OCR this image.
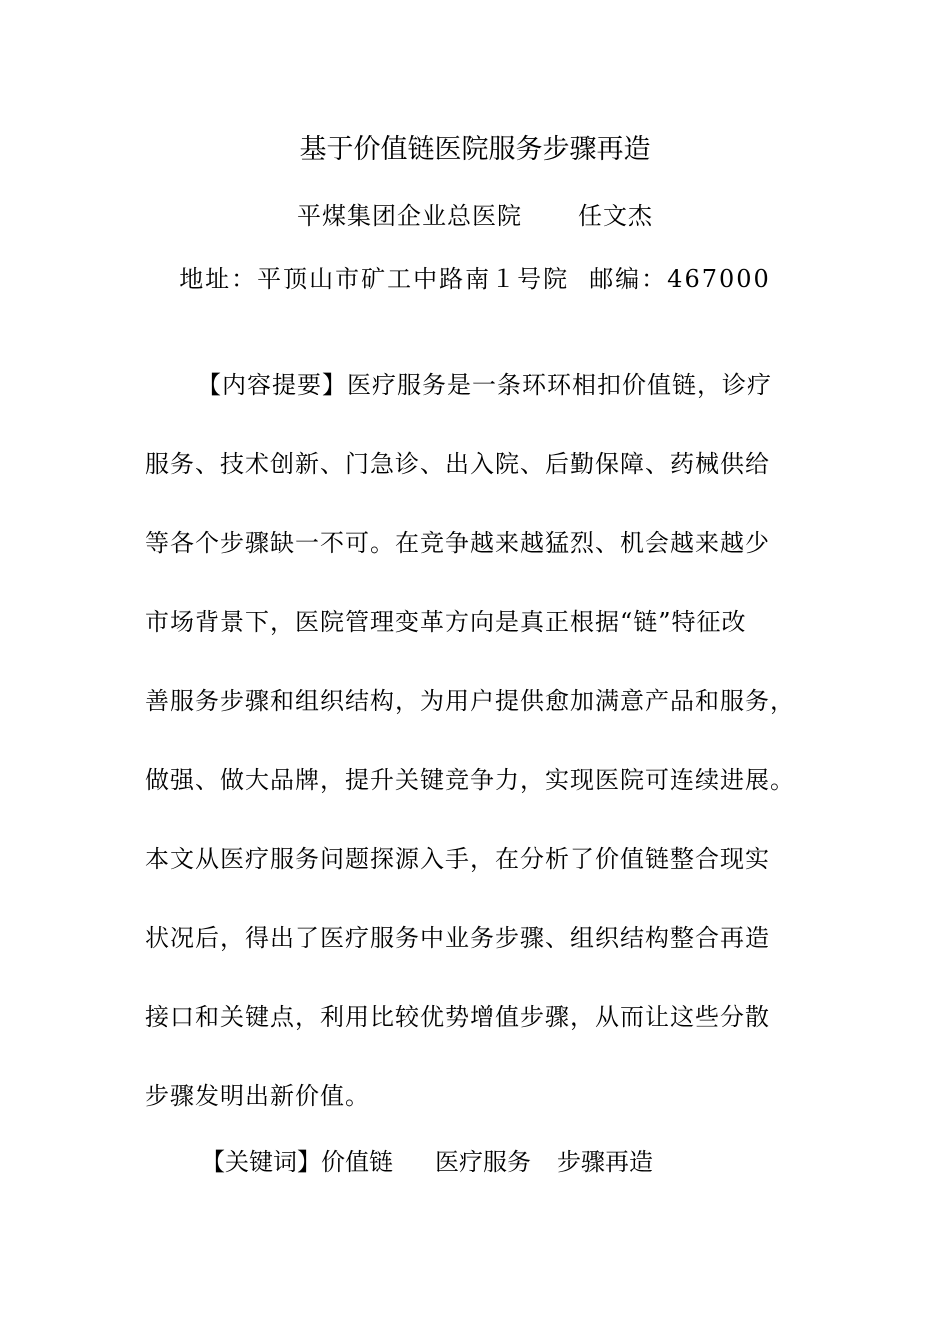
基于价值链医院服务步骤再造
平煤集团企业总医院 任文杰
地址：平顶山市矿工中路南１号院 邮编：467000
【内容提要】医疗服务是一条环环相扣价值链，诊疗
服务、技术创新、门急诊、出入院、后勤保障、药械供给
等各个步骤缺一不可。在竞争越来越猛烈、机会越来越少
市场背景下，医院管理变革方向是真正根据“链”特征改
善服务步骤和组织结构，为用户提供愈加满意产品和服务，
做强、做大品牌，提升关键竞争力，实现医院可连续进展。
本文从医疗服务问题探源入手，在分析了价值链整合现实
状况后，得出了医疗服务中业务步骤、组织结构整合再造
接口和关键点，利用比较优势增值步骤，从而让这些分散
步骤发明出新价值。
【关键词】价值链 医疗服务 步骤再造
